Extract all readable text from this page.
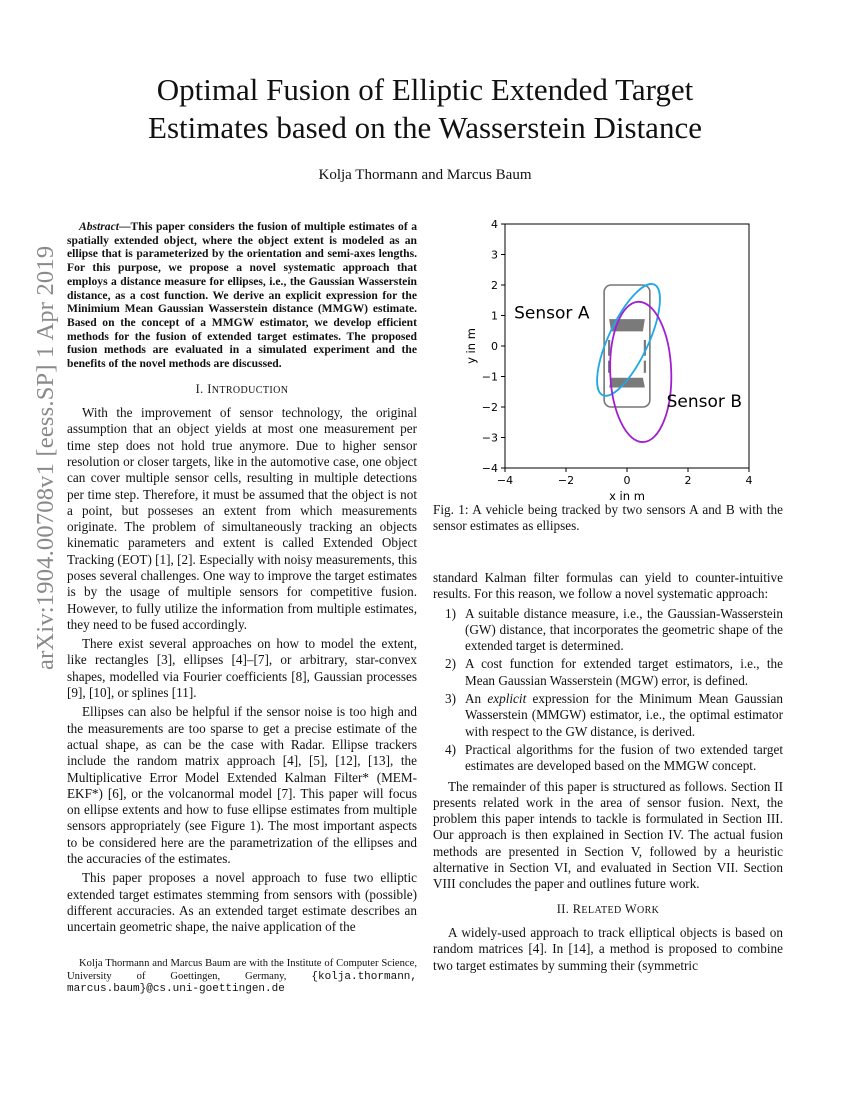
arXiv:1904.00708v1 [eess.SP] 1 Apr 2019
Optimal Fusion of Elliptic Extended Target
Estimates based on the Wasserstein Distance
Kolja Thormann and Marcus Baum

Abstract—This paper considers the fusion of multiple estimates of a spatially extended object, where the object extent is modeled as an ellipse that is parameterized by the orientation and semi-axes lengths. For this purpose, we propose a novel systematic approach that employs a distance measure for ellipses, i.e., the Gaussian Wasserstein distance, as a cost function. We derive an explicit expression for the Minimium Mean Gaussian Wasserstein distance (MMGW) estimate. Based on the concept of a MMGW estimator, we develop efficient methods for the fusion of extended target estimates. The proposed fusion methods are evaluated in a simulated experiment and the benefits of the novel methods are discussed.

I. INTRODUCTION

With the improvement of sensor technology, the original assumption that an object yields at most one measurement per time step does not hold true anymore. Due to higher sensor resolution or closer targets, like in the automotive case, one object can cover multiple sensor cells, resulting in multiple detections per time step. Therefore, it must be assumed that the object is not a point, but posseses an extent from which measurements originate. The problem of simultaneously tracking an objects kinematic parameters and extent is called Extended Object Tracking (EOT) [1], [2]. Especially with noisy measurements, this poses several challenges. One way to improve the target estimates is by the usage of multiple sensors for competitive fusion. However, to fully utilize the information from multiple estimates, they need to be fused accordingly.

There exist several approaches on how to model the extent, like rectangles [3], ellipses [4]–[7], or arbitrary, star-convex shapes, modelled via Fourier coefficients [8], Gaussian processes [9], [10], or splines [11].

Ellipses can also be helpful if the sensor noise is too high and the measurements are too sparse to get a precise estimate of the actual shape, as can be the case with Radar. Ellipse trackers include the random matrix approach [4], [5], [12], [13], the Multiplicative Error Model Extended Kalman Filter* (MEM-EKF*) [6], or the volcanormal model [7]. This paper will focus on ellipse extents and how to fuse ellipse estimates from multiple sensors appropriately (see Figure 1). The most important aspects to be considered here are the parametrization of the ellipses and the accuracies of the estimates.

This paper proposes a novel approach to fuse two elliptic extended target estimates stemming from sensors with (possible) different accuracies. As an extended target estimate describes an uncertain geometric shape, the naive application of the

Kolja Thormann and Marcus Baum are with the Institute of Computer Science, University of Goettingen, Germany, {kolja.thormann, marcus.baum}@cs.uni-goettingen.de
Sensor A
Sensor B
−4	−2	0	2	4
4
3
2
1
0
−1
−2
−3
−4
x in m
y in m
Fig. 1: A vehicle being tracked by two sensors A and B with the sensor estimates as ellipses.

standard Kalman filter formulas can yield to counter-intuitive results. For this reason, we follow a novel systematic approach:

1) A suitable distance measure, i.e., the Gaussian-Wasserstein (GW) distance, that incorporates the geometric shape of the extended target is determined.
2) A cost function for extended target estimators, i.e., the Mean Gaussian Wasserstein (MGW) error, is defined.
3) An explicit expression for the Minimum Mean Gaussian Wasserstein (MMGW) estimator, i.e., the optimal estimator with respect to the GW distance, is derived.
4) Practical algorithms for the fusion of two extended target estimates are developed based on the MMGW concept.

The remainder of this paper is structured as follows. Section II presents related work in the area of sensor fusion. Next, the problem this paper intends to tackle is formulated in Section III. Our approach is then explained in Section IV. The actual fusion methods are presented in Section V, followed by a heuristic alternative in Section VI, and evaluated in Section VII. Section VIII concludes the paper and outlines future work.

II. RELATED WORK

A widely-used approach to track elliptical objects is based on random matrices [4]. In [14], a method is proposed to combine two target estimates by summing their (symmetric
